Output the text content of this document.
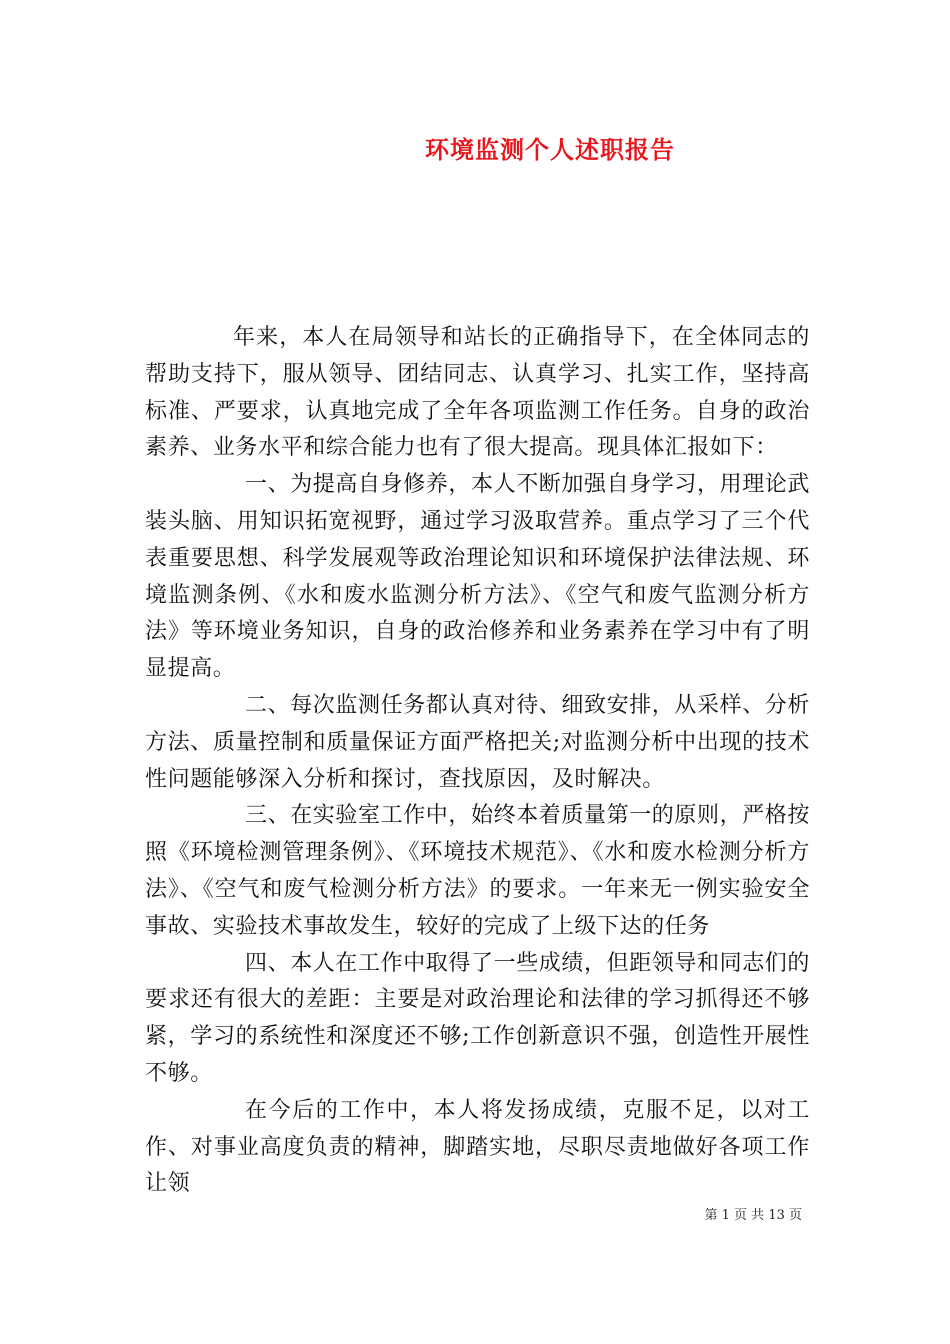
环境监测个人述职报告

年来，本人在局领导和站长的正确指导下，在全体同志的帮助支持下，服从领导、团结同志、认真学习、扎实工作，坚持高标准、严要求，认真地完成了全年各项监测工作任务。自身的政治素养、业务水平和综合能力也有了很大提高。现具体汇报如下：

一、为提高自身修养，本人不断加强自身学习，用理论武装头脑、用知识拓宽视野，通过学习汲取营养。重点学习了三个代表重要思想、科学发展观等政治理论知识和环境保护法律法规、环境监测条例、《水和废水监测分析方法》、《空气和废气监测分析方法》等环境业务知识，自身的政治修养和业务素养在学习中有了明显提高。

二、每次监测任务都认真对待、细致安排，从采样、分析方法、质量控制和质量保证方面严格把关;对监测分析中出现的技术性问题能够深入分析和探讨，查找原因，及时解决。

三、在实验室工作中，始终本着质量第一的原则，严格按照《环境检测管理条例》、《环境技术规范》、《水和废水检测分析方法》、《空气和废气检测分析方法》的要求。一年来无一例实验安全事故、实验技术事故发生，较好的完成了上级下达的任务

四、本人在工作中取得了一些成绩，但距领导和同志们的要求还有很大的差距：主要是对政治理论和法律的学习抓得还不够紧，学习的系统性和深度还不够;工作创新意识不强，创造性开展性不够。

在今后的工作中，本人将发扬成绩，克服不足，以对工作、对事业高度负责的精神，脚踏实地，尽职尽责地做好各项工作让领

第 1 页 共 13 页
